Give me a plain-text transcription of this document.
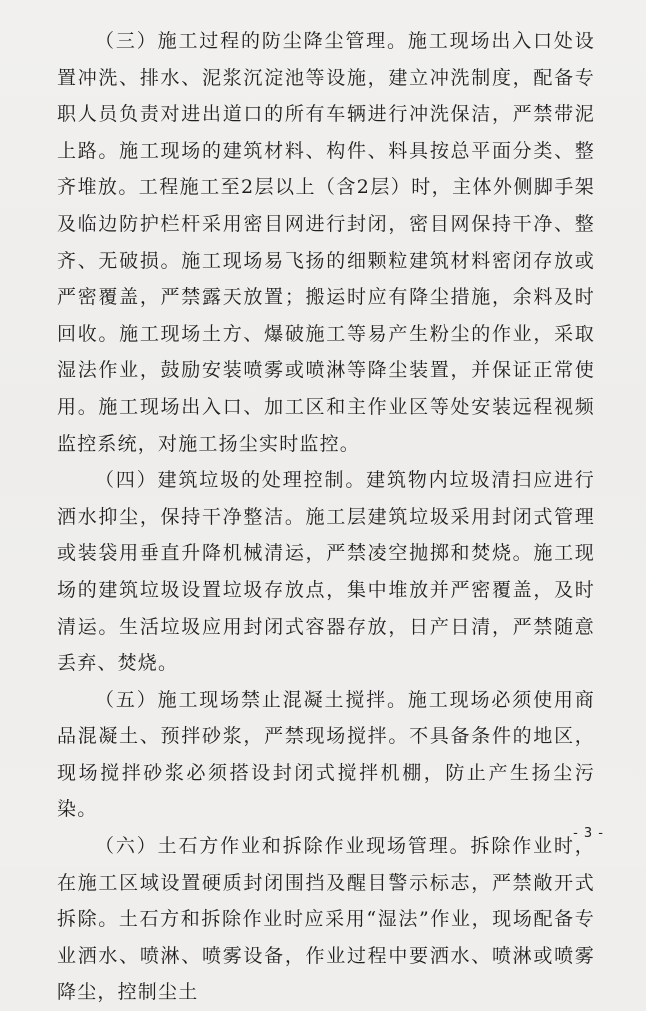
（三）施工过程的防尘降尘管理。施工现场出入口处设置冲洗、排水、泥浆沉淀池等设施，建立冲洗制度，配备专职人员负责对进出道口的所有车辆进行冲洗保洁，严禁带泥上路。施工现场的建筑材料、构件、料具按总平面分类、整齐堆放。工程施工至2层以上（含2层）时，主体外侧脚手架及临边防护栏杆采用密目网进行封闭，密目网保持干净、整齐、无破损。施工现场易飞扬的细颗粒建筑材料密闭存放或严密覆盖，严禁露天放置；搬运时应有降尘措施，余料及时回收。施工现场土方、爆破施工等易产生粉尘的作业，采取湿法作业，鼓励安装喷雾或喷淋等降尘装置，并保证正常使用。施工现场出入口、加工区和主作业区等处安装远程视频监控系统，对施工扬尘实时监控。

（四）建筑垃圾的处理控制。建筑物内垃圾清扫应进行洒水抑尘，保持干净整洁。施工层建筑垃圾采用封闭式管理或装袋用垂直升降机械清运，严禁凌空抛掷和焚烧。施工现场的建筑垃圾设置垃圾存放点，集中堆放并严密覆盖，及时清运。生活垃圾应用封闭式容器存放，日产日清，严禁随意丢弃、焚烧。

（五）施工现场禁止混凝土搅拌。施工现场必须使用商品混凝土、预拌砂浆，严禁现场搅拌。不具备条件的地区，现场搅拌砂浆必须搭设封闭式搅拌机棚，防止产生扬尘污染。

（六）土石方作业和拆除作业现场管理。拆除作业时，在施工区域设置硬质封闭围挡及醒目警示标志，严禁敞开式拆除。土石方和拆除作业时应采用“湿法”作业，现场配备专业洒水、喷淋、喷雾设备，作业过程中要洒水、喷淋或喷雾降尘，控制尘土

- 3 -
